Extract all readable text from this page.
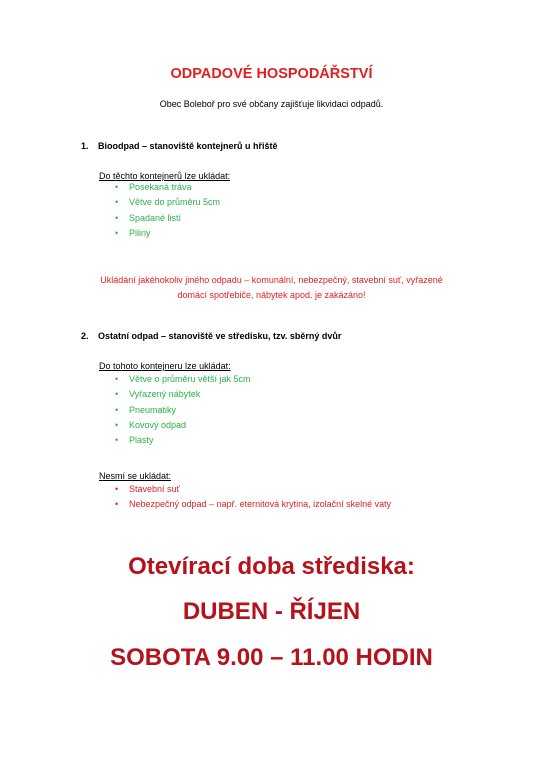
ODPADOVÉ HOSPODÁŘSTVÍ
Obec Boleboř pro své občany zajišťuje likvidaci odpadů.
1. Bioodpad – stanoviště kontejnerů u hřiště
Do těchto kontejnerů lze ukládat:
•	Posekaná tráva
•	Větve do průměru 5cm
•	Spadané listí
•	Piliny
Ukládání jakéhokoliv jiného odpadu – komunální, nebezpečný, stavební suť, vyřazené
domácí spotřebiče, nábytek apod. je zakázáno!
2. Ostatní odpad – stanoviště ve středisku, tzv. sběrný dvůr
Do tohoto kontejneru lze ukládat:
•	Větve o průměru větší jak 5cm
•	Vyřazený nábytek
•	Pneumatiky
•	Kovový odpad
•	Plasty
Nesmí se ukládat:
•	Stavební suť
•	Nebezpečný odpad – např. eternitová krytina, izolační skelné vaty
Otevírací doba střediska:
DUBEN - ŘÍJEN
SOBOTA 9.00 – 11.00 HODIN
